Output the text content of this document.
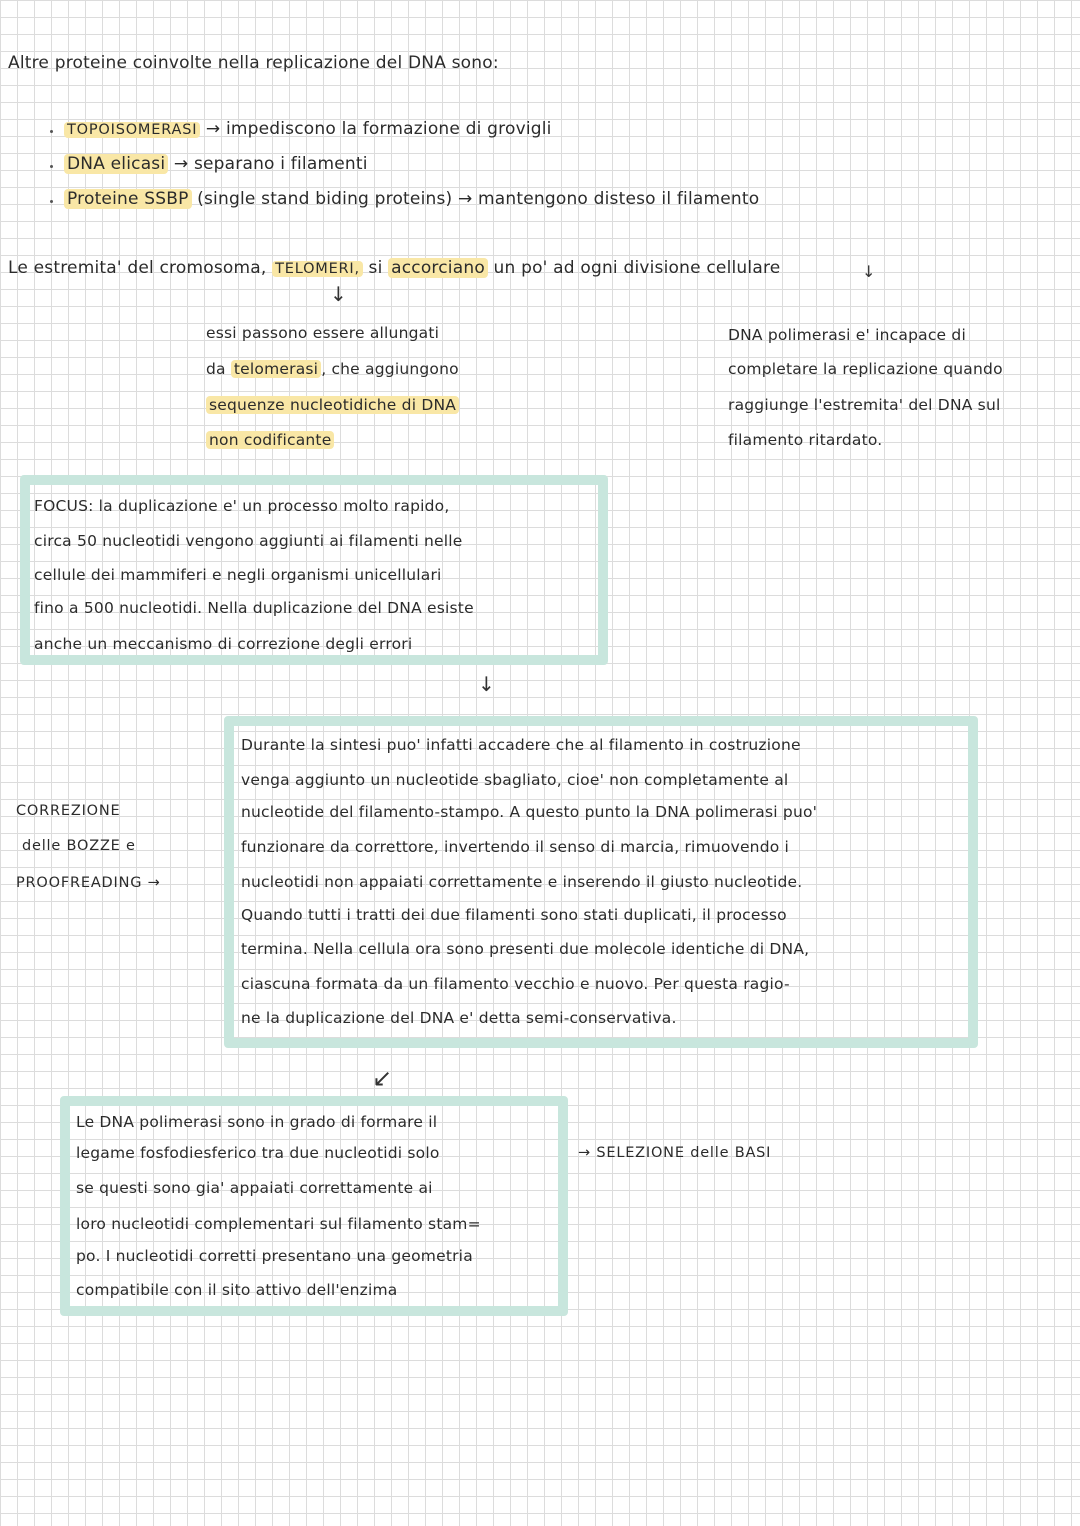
Altre proteine coinvolte nella replicazione del DNA sono:
TOPOISOMERASI → impediscono la formazione di grovigli
DNA elicasi → separano i filamenti
Proteine SSBP (single stand biding proteins) → mantengono disteso il filamento
Le estremita' del cromosoma, TELOMERI, si accorciano un po' ad ogni divisione cellulare
↓
↓
essi passono essere allungati
da telomerasi , che aggiungono
sequenze nucleotidiche di DNA
non codificante
DNA polimerasi e' incapace di
completare la replicazione quando
raggiunge l'estremita' del DNA sul
filamento ritardato.
FOCUS: la duplicazione e' un processo molto rapido,
circa 50 nucleotidi vengono aggiunti ai filamenti nelle
cellule dei mammiferi e negli organismi unicellulari
fino a 500 nucleotidi. Nella duplicazione del DNA esiste
anche un meccanismo di correzione degli errori
↓
CORREZIONE
delle BOZZE e
PROOFREADING →
Durante la sintesi puo' infatti accadere che al filamento in costruzione
venga aggiunto un nucleotide sbagliato, cioe' non completamente al
nucleotide del filamento-stampo. A questo punto la DNA polimerasi puo'
funzionare da correttore, invertendo il senso di marcia, rimuovendo i
nucleotidi non appaiati correttamente e inserendo il giusto nucleotide.
Quando tutti i tratti dei due filamenti sono stati duplicati, il processo
termina. Nella cellula ora sono presenti due molecole identiche di DNA,
ciascuna formata da un filamento vecchio e nuovo. Per questa ragio-
ne la duplicazione del DNA e' detta semi-conservativa.
↙
Le DNA polimerasi sono in grado di formare il
legame fosfodiesferico tra due nucleotidi solo
se questi sono gia' appaiati correttamente ai
loro nucleotidi complementari sul filamento stam=
po. I nucleotidi corretti presentano una geometria
compatibile con il sito attivo dell'enzima
→ SELEZIONE delle BASI
